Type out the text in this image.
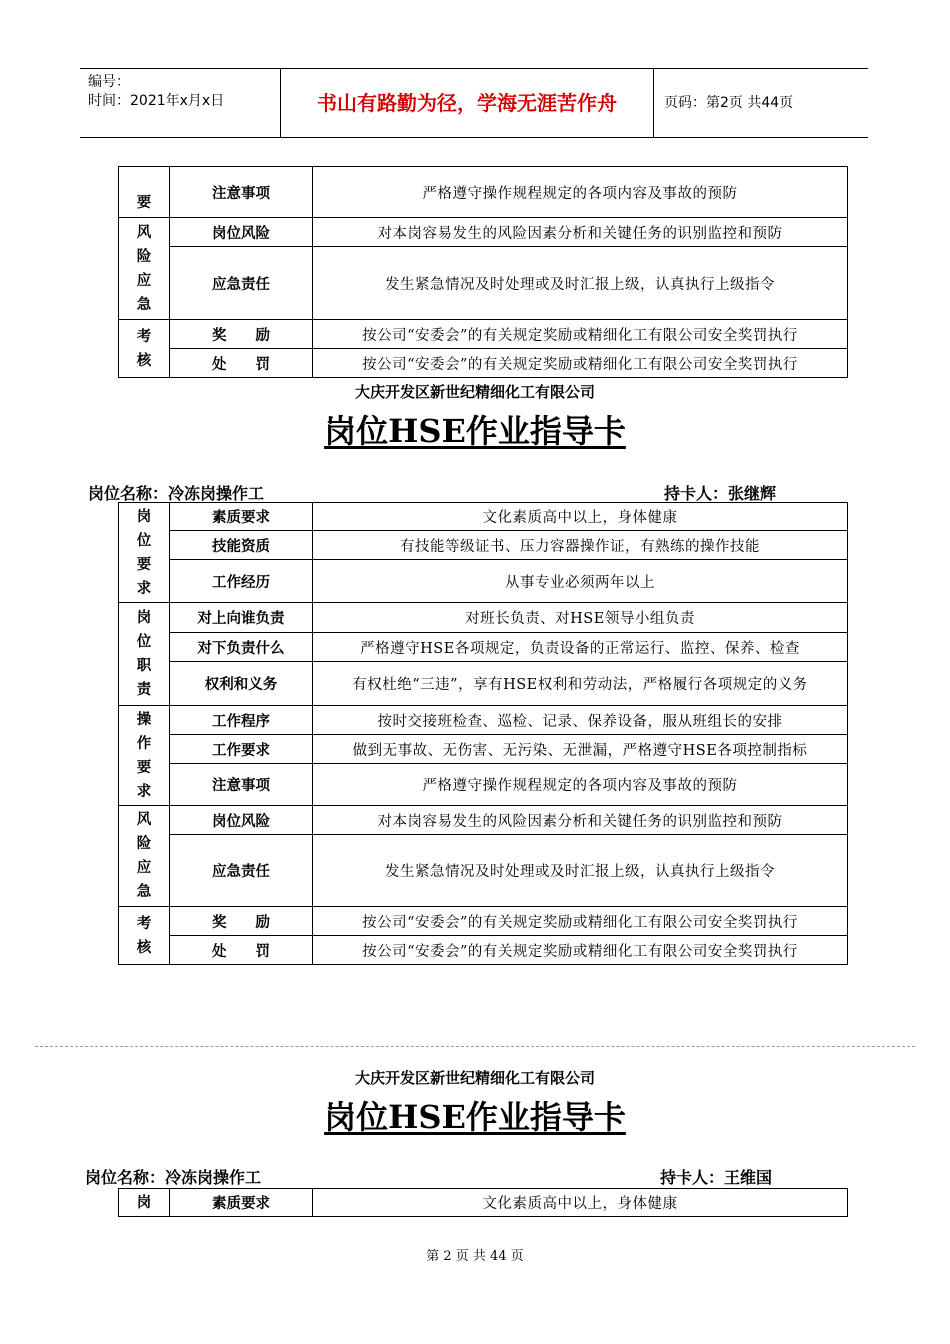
编号：
时间：2021年x月x日	书山有路勤为径，学海无涯苦作舟	页码：第2页 共44页
要	注意事项	严格遵守操作规程规定的各项内容及事故的预防

风险应急	岗位风险	对本岗容易发生的风险因素分析和关键任务的识别监控和预防
	应急责任	发生紧急情况及时处理或及时汇报上级，认真执行上级指令

考核	奖　　励	按公司“安委会”的有关规定奖励或精细化工有限公司安全奖罚执行
	处　　罚	按公司“安委会”的有关规定奖励或精细化工有限公司安全奖罚执行
大庆开发区新世纪精细化工有限公司
岗位HSE作业指导卡
岗位名称：冷冻岗操作工	持卡人：张继辉
岗位要求	素质要求	文化素质高中以上，身体健康
	技能资质	有技能等级证书、压力容器操作证，有熟练的操作技能
	工作经历	从事专业必须两年以上

岗位职责	对上向谁负责	对班长负责、对HSE领导小组负责
	对下负责什么	严格遵守HSE各项规定，负责设备的正常运行、监控、保养、检查
	权利和义务	有权杜绝“三违”，享有HSE权利和劳动法，严格履行各项规定的义务

操作要求	工作程序	按时交接班检查、巡检、记录、保养设备，服从班组长的安排
	工作要求	做到无事故、无伤害、无污染、无泄漏，严格遵守HSE各项控制指标
	注意事项	严格遵守操作规程规定的各项内容及事故的预防

风险应急	岗位风险	对本岗容易发生的风险因素分析和关键任务的识别监控和预防
	应急责任	发生紧急情况及时处理或及时汇报上级，认真执行上级指令

考核	奖　　励	按公司“安委会”的有关规定奖励或精细化工有限公司安全奖罚执行
	处　　罚	按公司“安委会”的有关规定奖励或精细化工有限公司安全奖罚执行
大庆开发区新世纪精细化工有限公司
岗位HSE作业指导卡
岗位名称：冷冻岗操作工	持卡人：王维国
岗	素质要求	文化素质高中以上，身体健康
第 2 页 共 44 页
